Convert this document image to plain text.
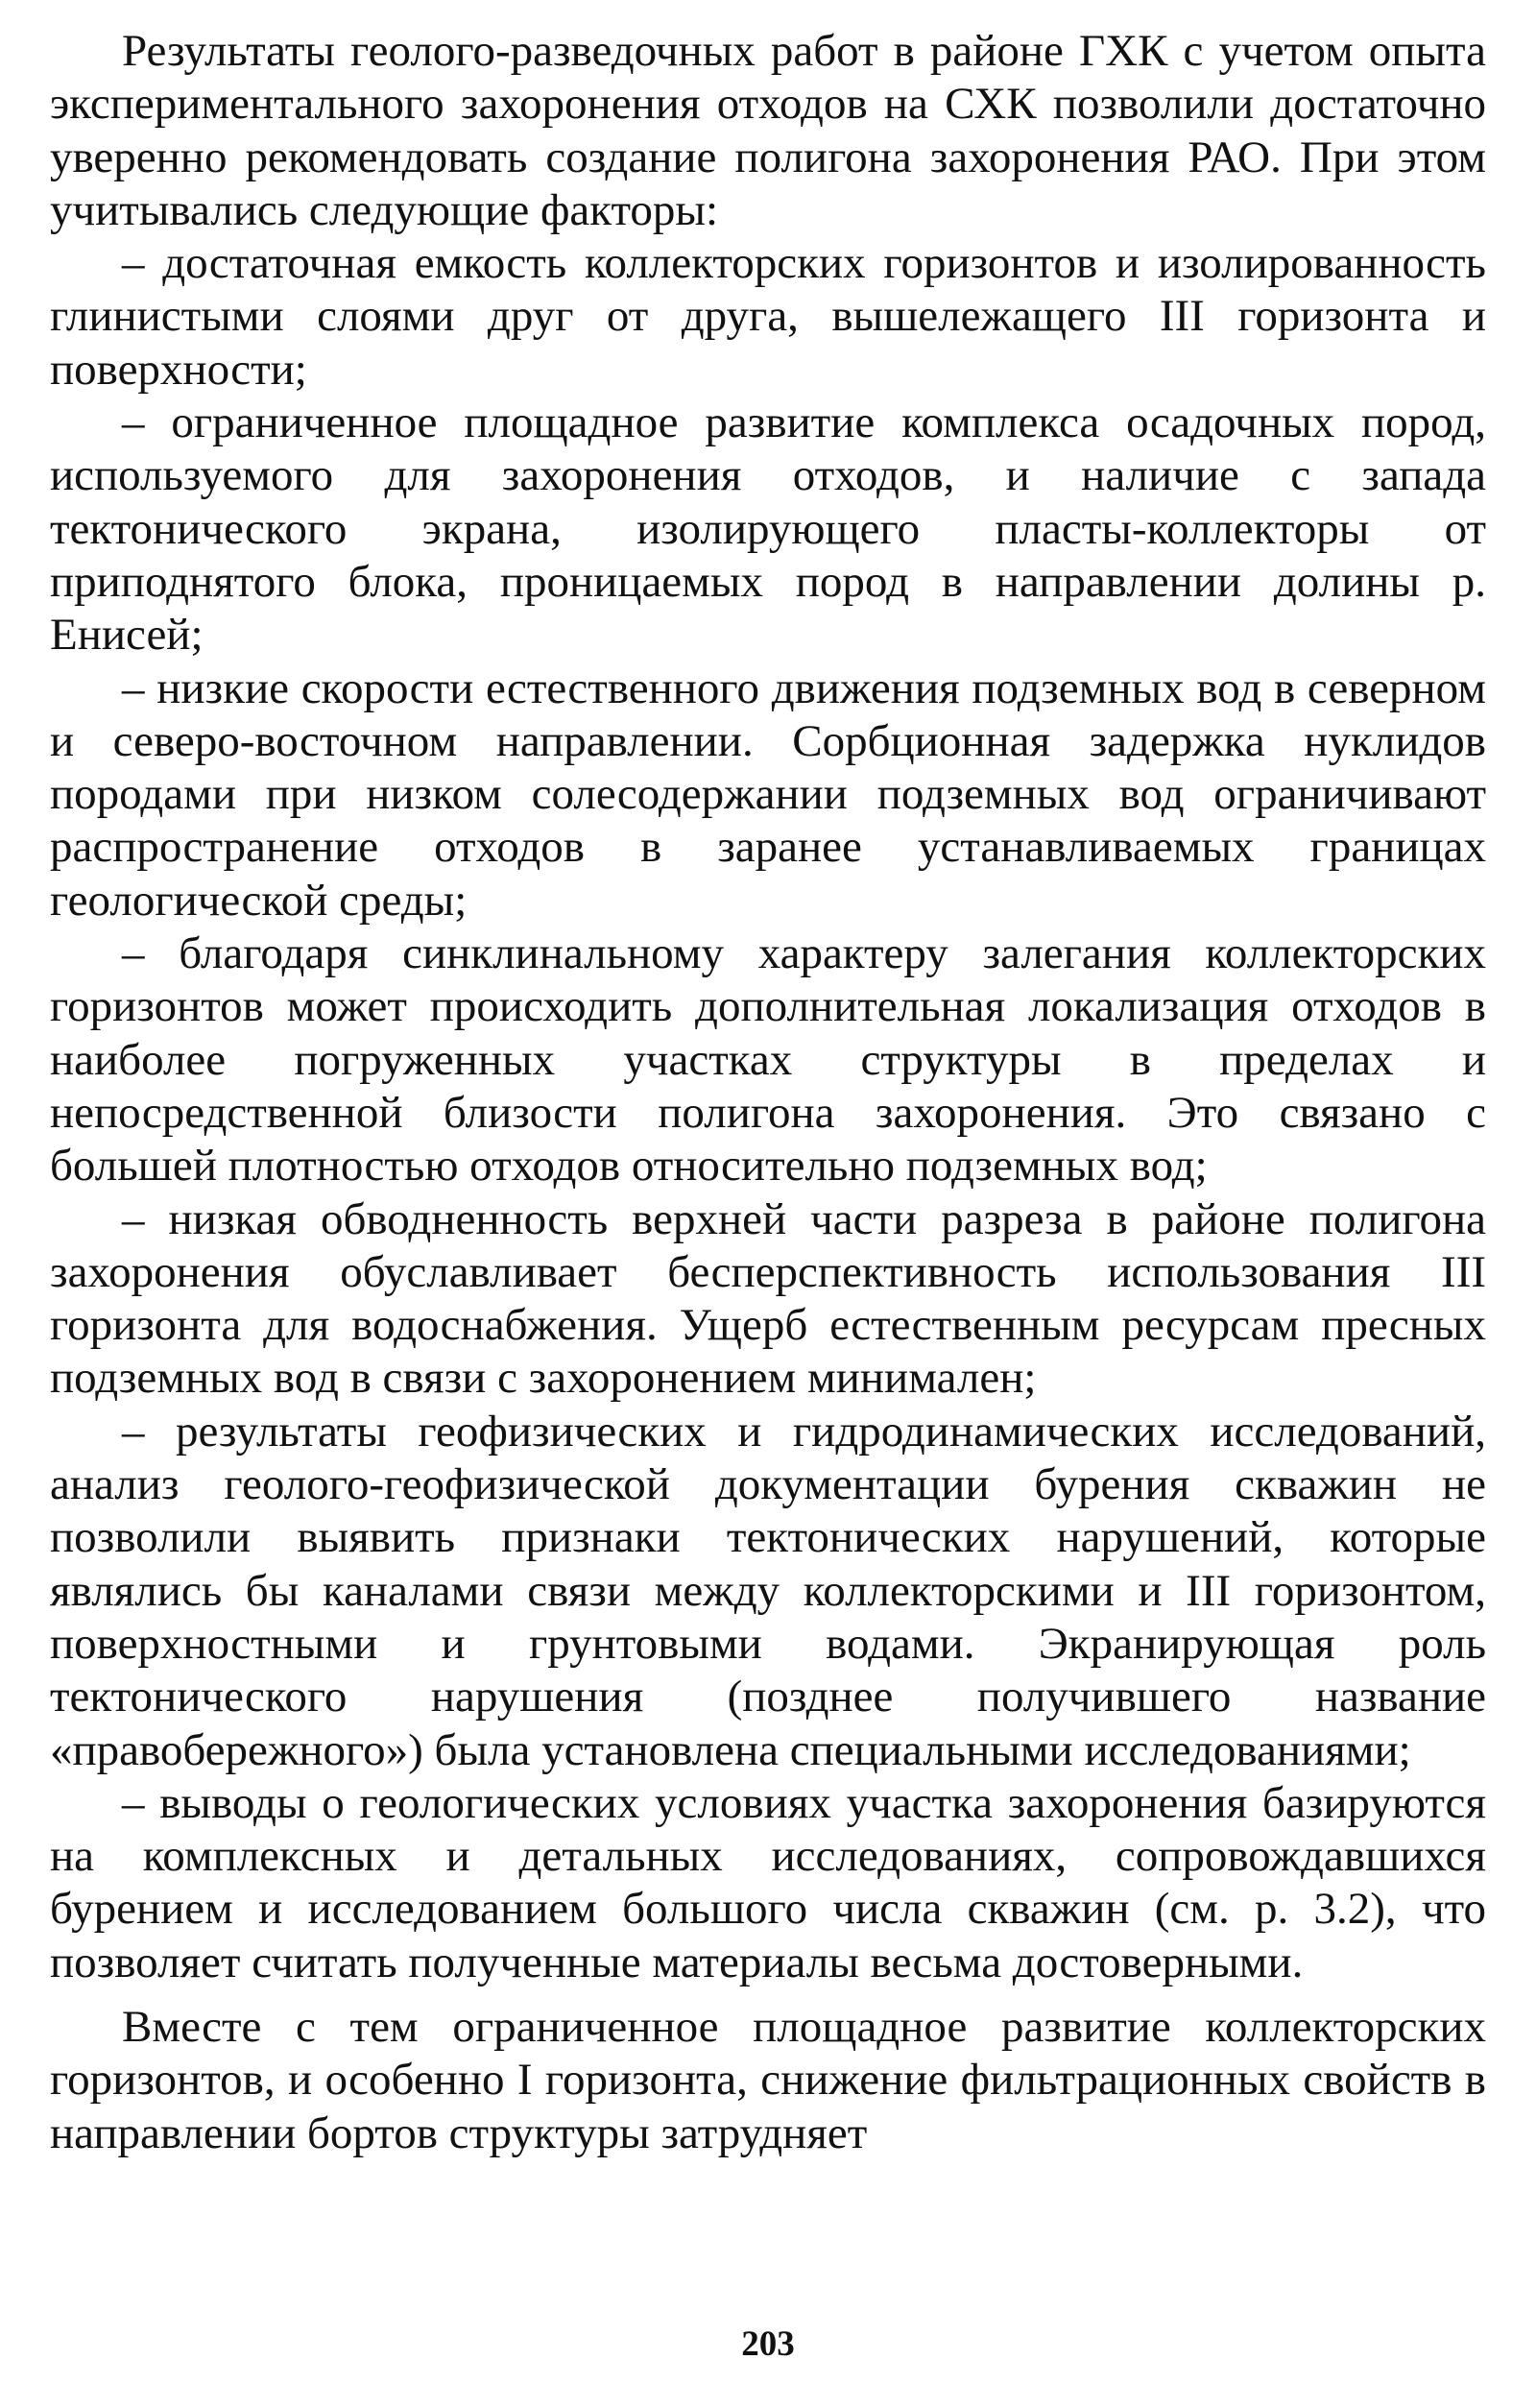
Результаты геолого-разведочных работ в районе ГХК с учетом опыта экспериментального захоронения отходов на СХК позволили достаточно уверенно рекомендовать создание полигона захоронения РАО. При этом учитывались следующие факторы:

– достаточная емкость коллекторских горизонтов и изолированность глинистыми слоями друг от друга, вышележащего III горизонта и поверхности;

– ограниченное площадное развитие комплекса осадочных пород, используемого для захоронения отходов, и наличие с запада тектонического экрана, изолирующего пласты-коллекторы от приподнятого блока, проницаемых пород в направлении долины р. Енисей;

– низкие скорости естественного движения подземных вод в северном и северо-восточном направлении. Сорбционная задержка нуклидов породами при низком солесодержании подземных вод ограничивают распространение отходов в заранее устанавливаемых границах геологической среды;

– благодаря синклинальному характеру залегания коллекторских горизонтов может происходить дополнительная локализация отходов в наиболее погруженных участках структуры в пределах и непосредственной близости полигона захоронения. Это связано с большей плотностью отходов относительно подземных вод;

– низкая обводненность верхней части разреза в районе полигона захоронения обуславливает бесперспективность использования III горизонта для водоснабжения. Ущерб естественным ресурсам пресных подземных вод в связи с захоронением минимален;

– результаты геофизических и гидродинамических исследований, анализ геолого-геофизической документации бурения скважин не позволили выявить признаки тектонических нарушений, которые являлись бы каналами связи между коллекторскими и III горизонтом, поверхностными и грунтовыми водами. Экранирующая роль тектонического нарушения (позднее получившего название «правобережного») была установлена специальными исследованиями;

– выводы о геологических условиях участка захоронения базируются на комплексных и детальных исследованиях, сопровождавшихся бурением и исследованием большого числа скважин (см. р. 3.2), что позволяет считать полученные материалы весьма достоверными.

Вместе с тем ограниченное площадное развитие коллекторских горизонтов, и особенно I горизонта, снижение фильтрационных свойств в направлении бортов структуры затрудняет

203
